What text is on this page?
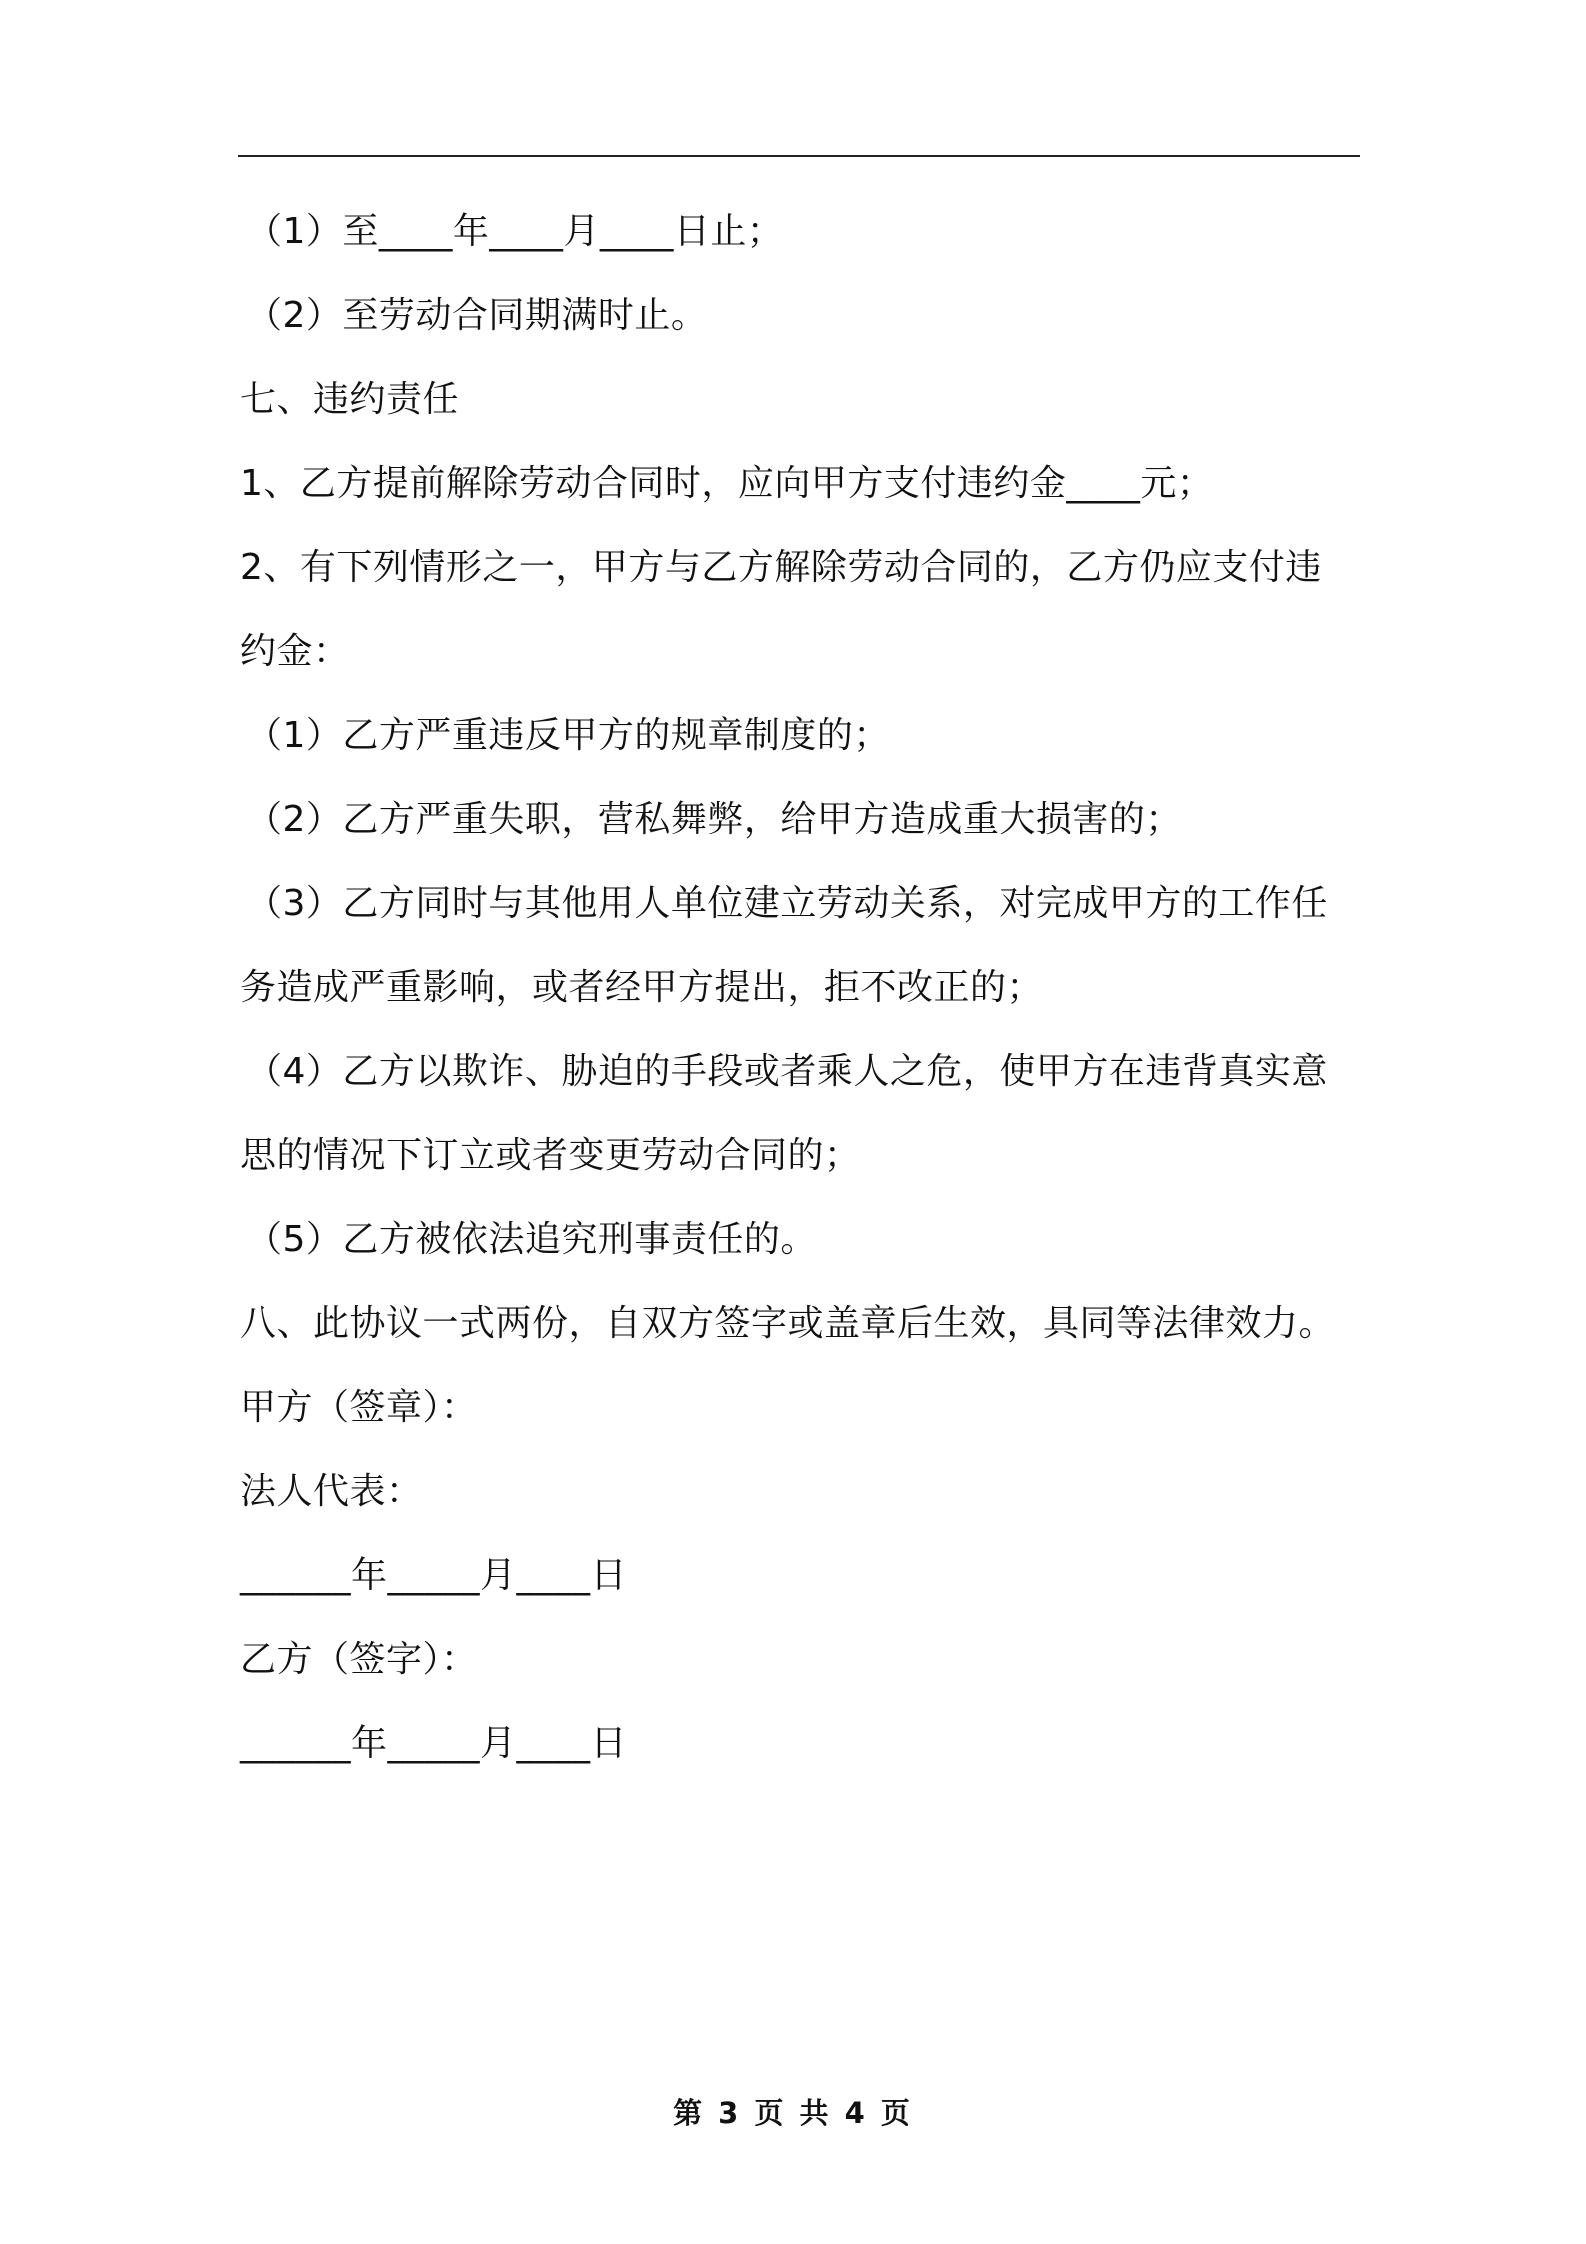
（1）至____年____月____日止；
（2）至劳动合同期满时止。
七、违约责任
1、乙方提前解除劳动合同时，应向甲方支付违约金____元；
2、有下列情形之一，甲方与乙方解除劳动合同的，乙方仍应支付违
约金：
（1）乙方严重违反甲方的规章制度的；
（2）乙方严重失职，营私舞弊，给甲方造成重大损害的；
（3）乙方同时与其他用人单位建立劳动关系，对完成甲方的工作任
务造成严重影响，或者经甲方提出，拒不改正的；
（4）乙方以欺诈、胁迫的手段或者乘人之危，使甲方在违背真实意
思的情况下订立或者变更劳动合同的；
（5）乙方被依法追究刑事责任的。
八、此协议一式两份，自双方签字或盖章后生效，具同等法律效力。
甲方（签章）：
法人代表：
______年_____月____日
乙方（签字）：
______年_____月____日
第 3 页 共 4 页
